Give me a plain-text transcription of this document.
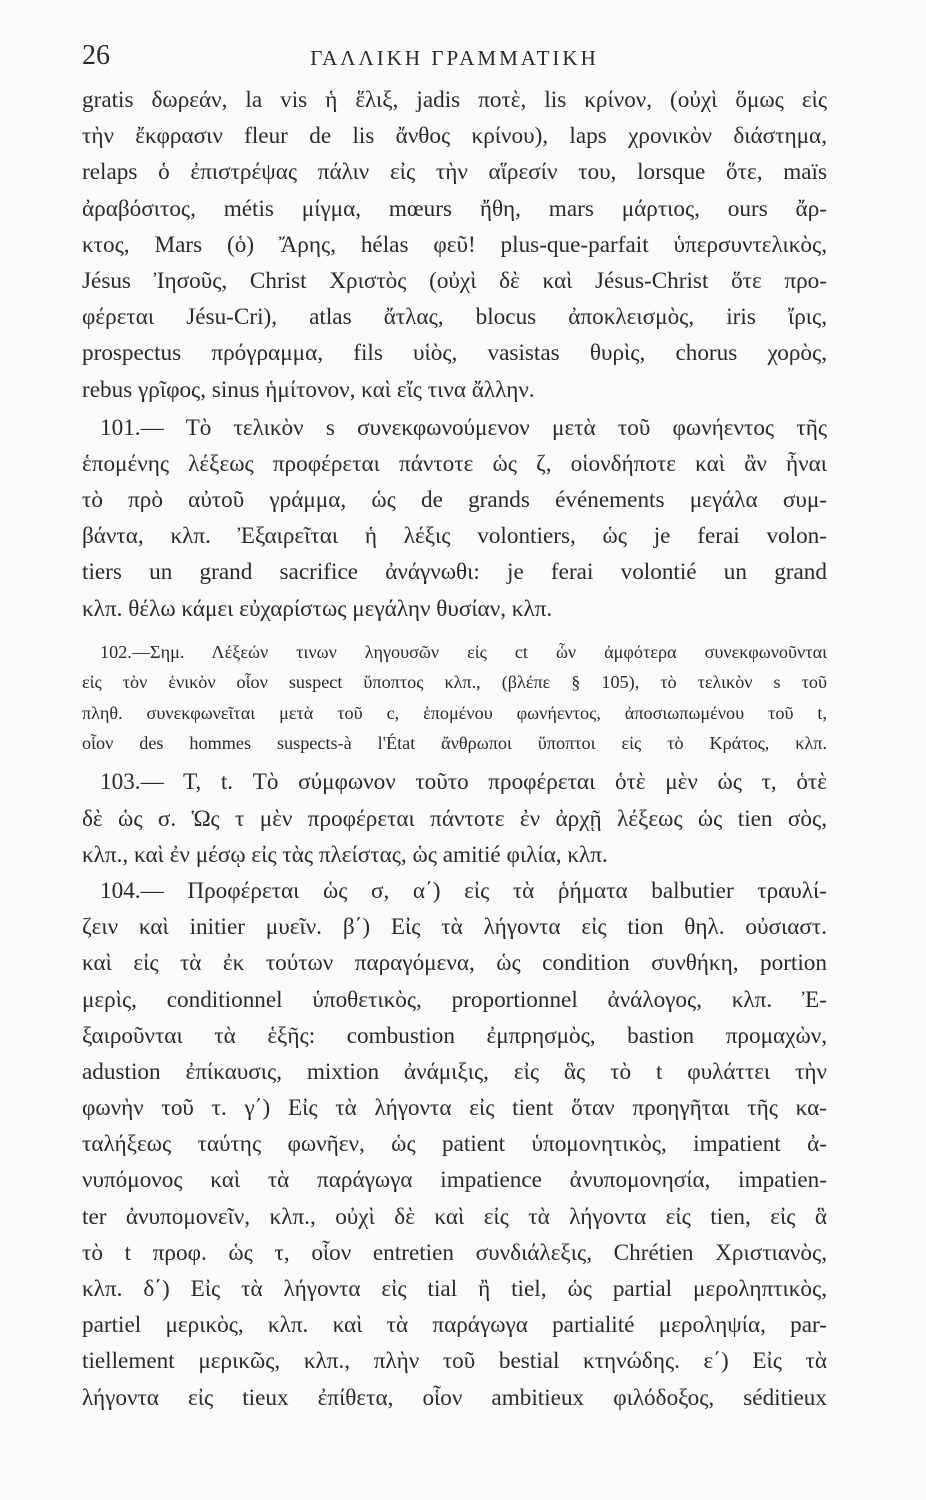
26	ΓΑΛΛΙΚΗ ΓΡΑΜΜΑΤΙΚΗ
gratis δωρεάν, la vis ἡ ἕλιξ, jadis ποτὲ, lis κρίνον, (οὐχὶ ὅμως εἰς
τὴν ἔκφρασιν fleur de lis ἄνθος κρίνου), laps χρονικὸν διάστημα,
relaps ὁ ἐπιστρέψας πάλιν εἰς τὴν αἵρεσίν του, lorsque ὅτε, maïs
ἀραβόσιτος, métis μίγμα, mœurs ἤθη, mars μάρτιος, ours ἄρ-
κτος, Mars (ὁ) Ἄρης, hélas φεῦ! plus-que-parfait ὑπερσυντελικὸς,
Jésus Ἰησοῦς, Christ Χριστὸς (οὐχὶ δὲ καὶ Jésus-Christ ὅτε προ-
φέρεται Jésu-Cri), atlas ἄτλας, blocus ἀποκλεισμὸς, iris ἴρις,
prospectus πρόγραμμα, fils υἱὸς, vasistas θυρὶς, chorus χορὸς,
rebus γρῖφος, sinus ἡμίτονον, καὶ εἴς τινα ἄλλην.
101.— Τὸ τελικὸν s συνεκφωνούμενον μετὰ τοῦ φωνήεντος τῆς
ἑπομένης λέξεως προφέρεται πάντοτε ὡς ζ, οἱονδήποτε καὶ ἂν ἦναι
τὸ πρὸ αὐτοῦ γράμμα, ὡς de grands événements μεγάλα συμ-
βάντα, κλπ. Ἐξαιρεῖται ἡ λέξις volontiers, ὡς je ferai volon-
tiers un grand sacrifice ἀνάγνωθι: je ferai volontié un grand
κλπ. θέλω κάμει εὐχαρίστως μεγάλην θυσίαν, κλπ.
102.—Σημ. Λέξεών τινων ληγουσῶν εἰς ct ὧν ἀμφότερα συνεκφωνοῦνται
εἰς τὸν ἑνικὸν οἷον suspect ὕποπτος κλπ., (βλέπε § 105), τὸ τελικὸν s τοῦ
πληθ. συνεκφωνεῖται μετὰ τοῦ c, ἑπομένου φωνήεντος, ἀποσιωπωμένου τοῦ t,
οἷον des hommes suspects-à l'État ἄνθρωποι ὕποπτοι εἰς τὸ Κράτος, κλπ.
103.— T, t. Τὸ σύμφωνον τοῦτο προφέρεται ὁτὲ μὲν ὡς τ, ὁτὲ
δὲ ὡς σ. Ὡς τ μὲν προφέρεται πάντοτε ἐν ἀρχῇ λέξεως ὡς tien σὸς,
κλπ., καὶ ἐν μέσῳ εἰς τὰς πλείστας, ὡς amitié φιλία, κλπ.
104.— Προφέρεται ὡς σ, α΄) εἰς τὰ ῥήματα balbutier τραυλί-
ζειν καὶ initier μυεῖν. β΄) Εἰς τὰ λήγοντα εἰς tion θηλ. οὐσιαστ.
καὶ εἰς τὰ ἐκ τούτων παραγόμενα, ὡς condition συνθήκη, portion
μερὶς, conditionnel ὑποθετικὸς, proportionnel ἀνάλογος, κλπ. Ἐ-
ξαιροῦνται τὰ ἑξῆς: combustion ἐμπρησμὸς, bastion προμαχὼν,
adustion ἐπίκαυσις, mixtion ἀνάμιξις, εἰς ἃς τὸ t φυλάττει τὴν
φωνὴν τοῦ τ. γ΄) Εἰς τὰ λήγοντα εἰς tient ὅταν προηγῆται τῆς κα-
ταλήξεως ταύτης φωνῆεν, ὡς patient ὑπομονητικὸς, impatient ἀ-
νυπόμονος καὶ τὰ παράγωγα impatience ἀνυπομονησία, impatien-
ter ἀνυπομονεῖν, κλπ., οὐχὶ δὲ καὶ εἰς τὰ λήγοντα εἰς tien, εἰς ἃ
τὸ t προφ. ὡς τ, οἷον entretien συνδιάλεξις, Chrétien Χριστιανὸς,
κλπ. δ΄) Εἰς τὰ λήγοντα εἰς tial ἢ tiel, ὡς partial μεροληπτικὸς,
partiel μερικὸς, κλπ. καὶ τὰ παράγωγα partialité μεροληψία, par-
tiellement μερικῶς, κλπ., πλὴν τοῦ bestial κτηνώδης. ε΄) Εἰς τὰ
λήγοντα εἰς tieux ἐπίθετα, οἷον ambitieux φιλόδοξος, séditieux
